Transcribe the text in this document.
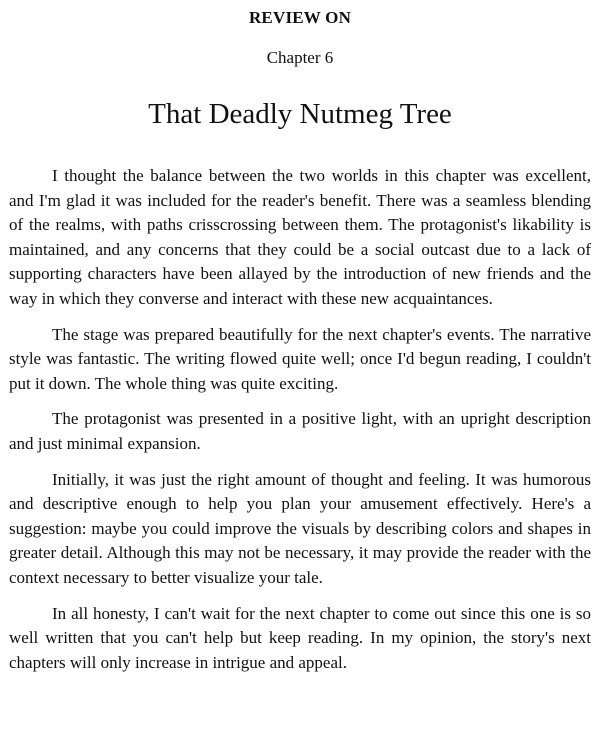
REVIEW ON

Chapter 6

That Deadly Nutmeg Tree

I thought the balance between the two worlds in this chapter was excellent, and I'm glad it was included for the reader's benefit. There was a seamless blending of the realms, with paths crisscrossing between them. The protagonist's likability is maintained, and any concerns that they could be a social outcast due to a lack of supporting characters have been allayed by the introduction of new friends and the way in which they converse and interact with these new acquaintances.

The stage was prepared beautifully for the next chapter's events. The narrative style was fantastic. The writing flowed quite well; once I'd begun reading, I couldn't put it down. The whole thing was quite exciting.

The protagonist was presented in a positive light, with an upright description and just minimal expansion.

Initially, it was just the right amount of thought and feeling. It was humorous and descriptive enough to help you plan your amusement effectively. Here's a suggestion: maybe you could improve the visuals by describing colors and shapes in greater detail. Although this may not be necessary, it may provide the reader with the context necessary to better visualize your tale.

In all honesty, I can't wait for the next chapter to come out since this one is so well written that you can't help but keep reading. In my opinion, the story's next chapters will only increase in intrigue and appeal.
